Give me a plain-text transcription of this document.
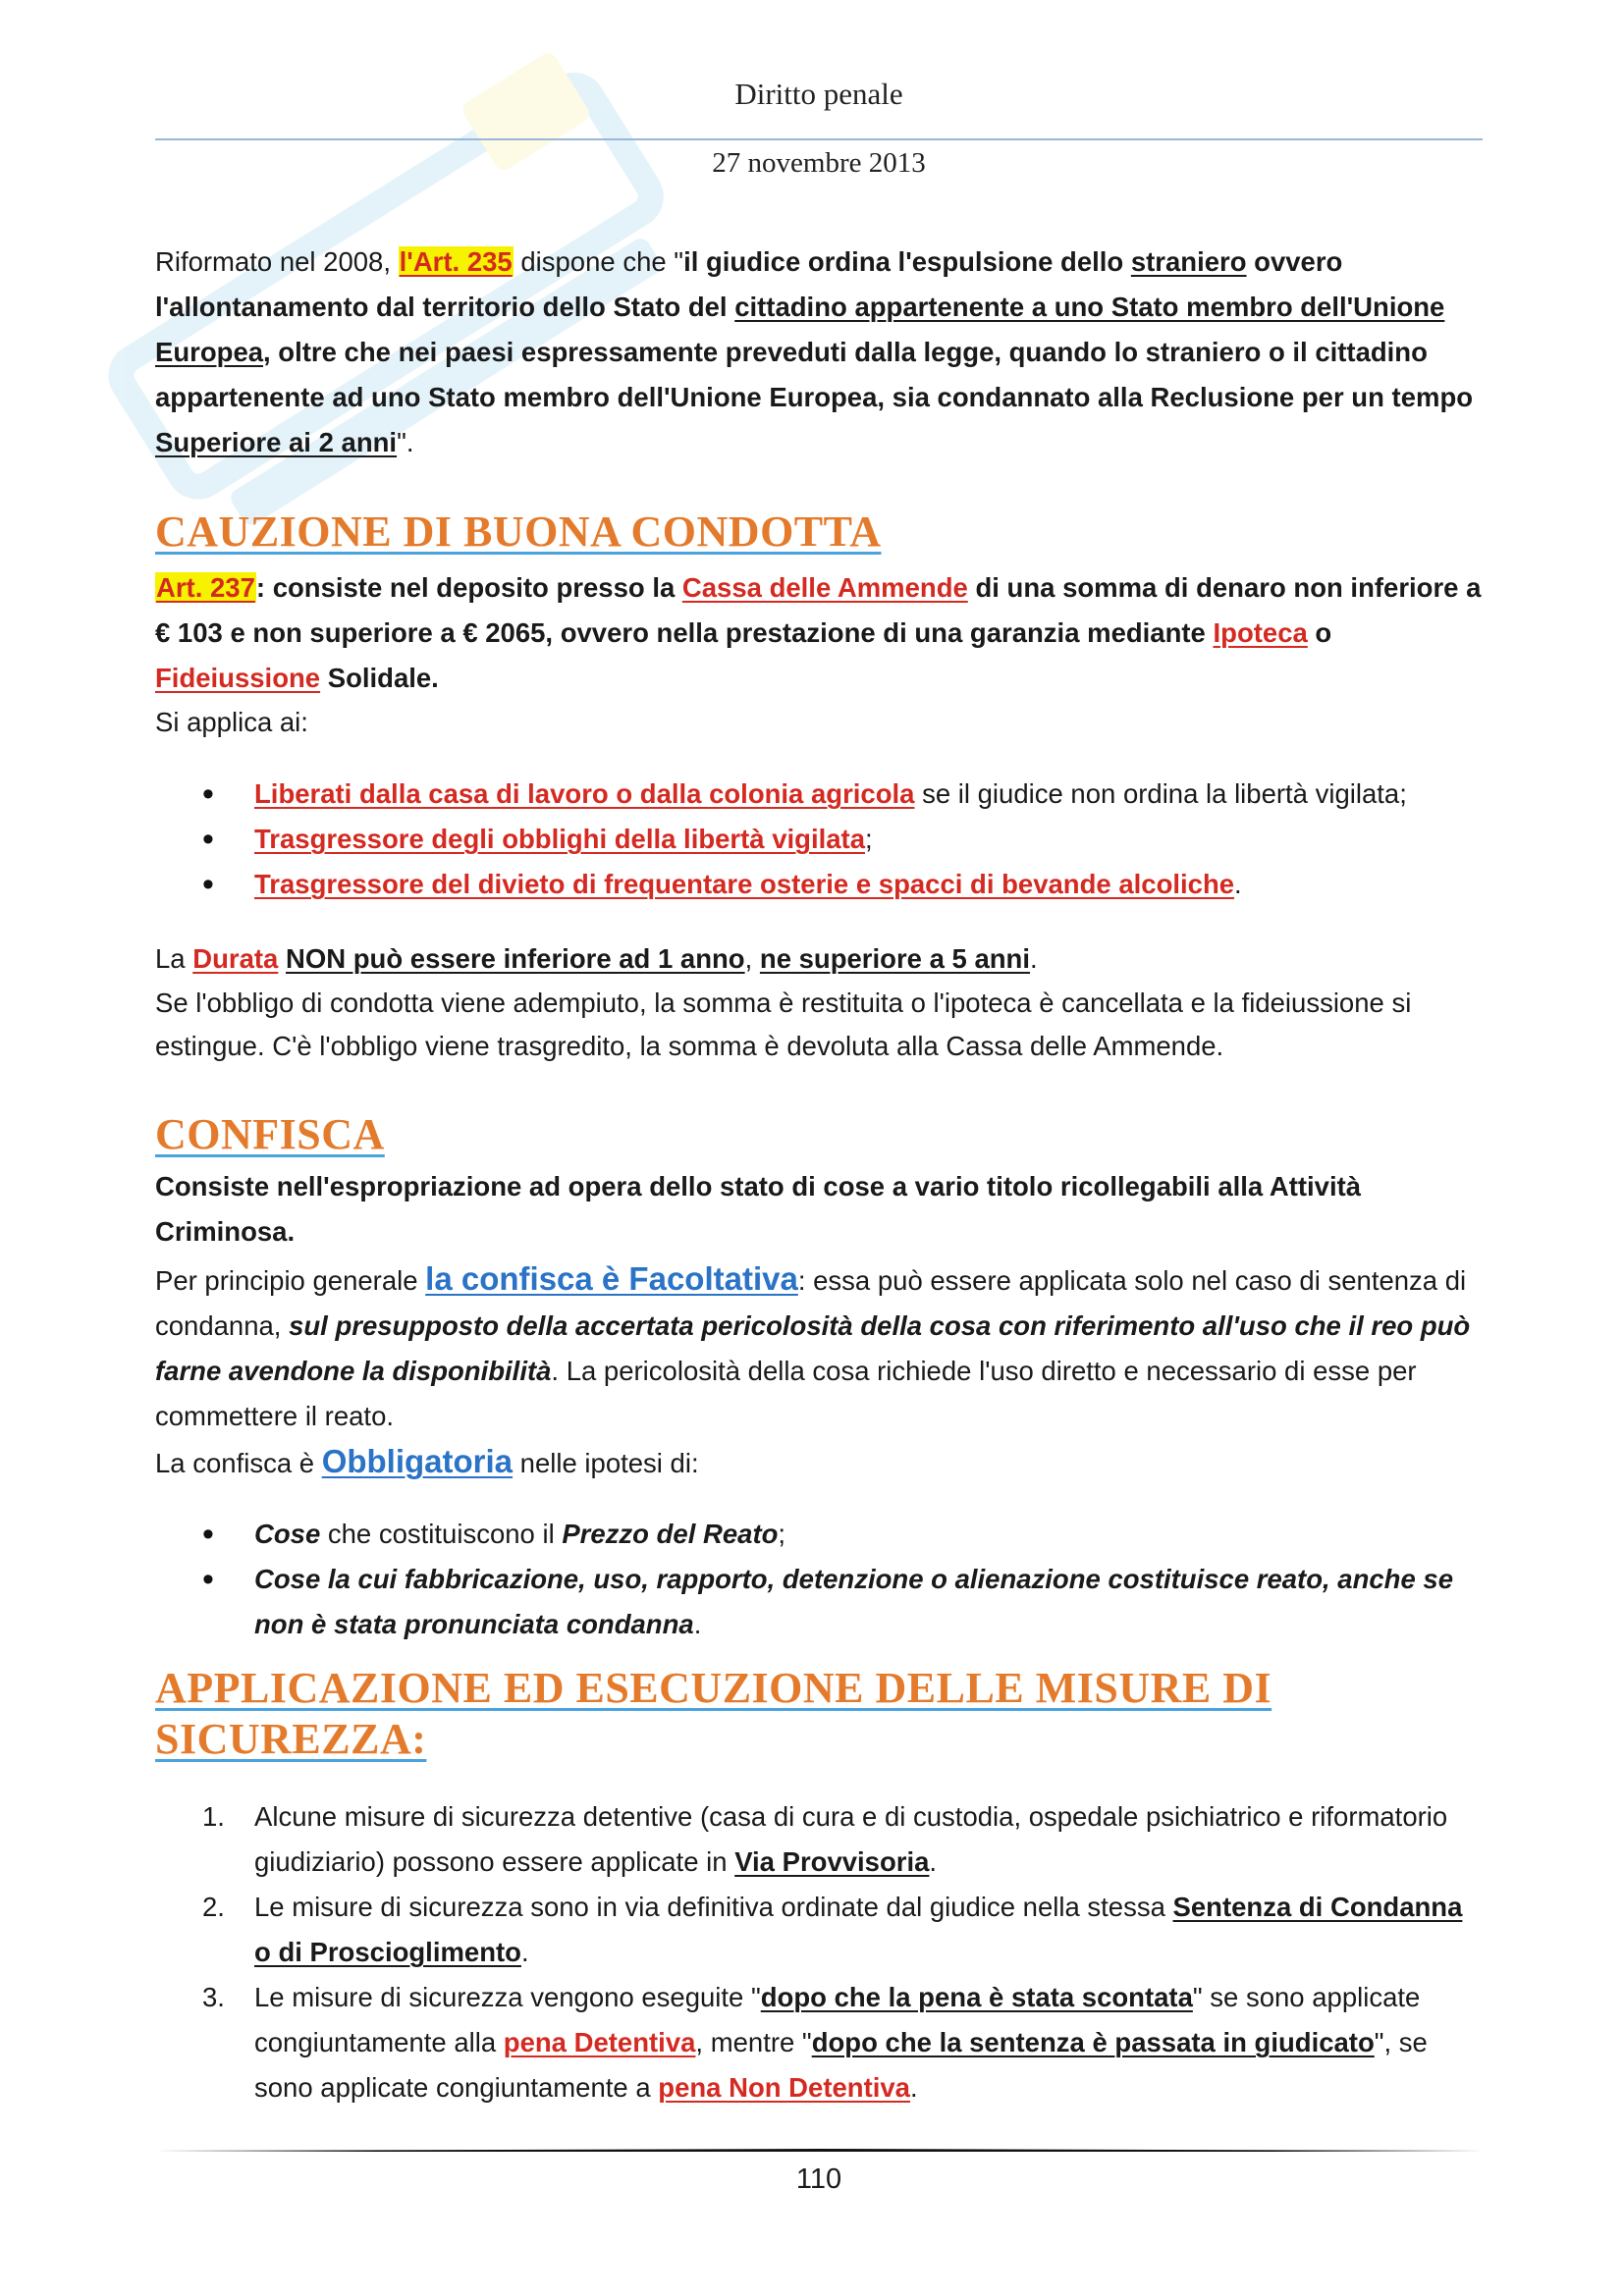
Diritto penale
27 novembre 2013

Riformato nel 2008, l'Art. 235 dispone che "il giudice ordina l'espulsione dello straniero ovvero l'allontanamento dal territorio dello Stato del cittadino appartenente a uno Stato membro dell'Unione Europea, oltre che nei paesi espressamente preveduti dalla legge, quando lo straniero o il cittadino appartenente ad uno Stato membro dell'Unione Europea, sia condannato alla Reclusione per un tempo Superiore ai 2 anni".

CAUZIONE DI BUONA CONDOTTA

Art. 237: consiste nel deposito presso la Cassa delle Ammende di una somma di denaro non inferiore a € 103 e non superiore a € 2065, ovvero nella prestazione di una garanzia mediante Ipoteca o Fideiussione Solidale.

Si applica ai:

• Liberati dalla casa di lavoro o dalla colonia agricola se il giudice non ordina la libertà vigilata;
• Trasgressore degli obblighi della libertà vigilata;
• Trasgressore del divieto di frequentare osterie e spacci di bevande alcoliche.

La Durata NON può essere inferiore ad 1 anno, ne superiore a 5 anni.

Se l'obbligo di condotta viene adempiuto, la somma è restituita o l'ipoteca è cancellata e la fideiussione si estingue. C'è l'obbligo viene trasgredito, la somma è devoluta alla Cassa delle Ammende.

CONFISCA

Consiste nell'espropriazione ad opera dello stato di cose a vario titolo ricollegabili alla Attività Criminosa.

Per principio generale la confisca è Facoltativa: essa può essere applicata solo nel caso di sentenza di condanna, sul presupposto della accertata pericolosità della cosa con riferimento all'uso che il reo può farne avendone la disponibilità. La pericolosità della cosa richiede l'uso diretto e necessario di esse per commettere il reato.

La confisca è Obbligatoria nelle ipotesi di:

• Cose che costituiscono il Prezzo del Reato;
• Cose la cui fabbricazione, uso, rapporto, detenzione o alienazione costituisce reato, anche se non è stata pronunciata condanna.
APPLICAZIONE ED ESECUZIONE DELLE MISURE DI
SICUREZZA:
1. Alcune misure di sicurezza detentive (casa di cura e di custodia, ospedale psichiatrico e riformatorio giudiziario) possono essere applicate in Via Provvisoria.
2. Le misure di sicurezza sono in via definitiva ordinate dal giudice nella stessa Sentenza di Condanna o di Proscioglimento.
3. Le misure di sicurezza vengono eseguite "dopo che la pena è stata scontata" se sono applicate congiuntamente alla pena Detentiva, mentre "dopo che la sentenza è passata in giudicato", se sono applicate congiuntamente a pena Non Detentiva.
110
